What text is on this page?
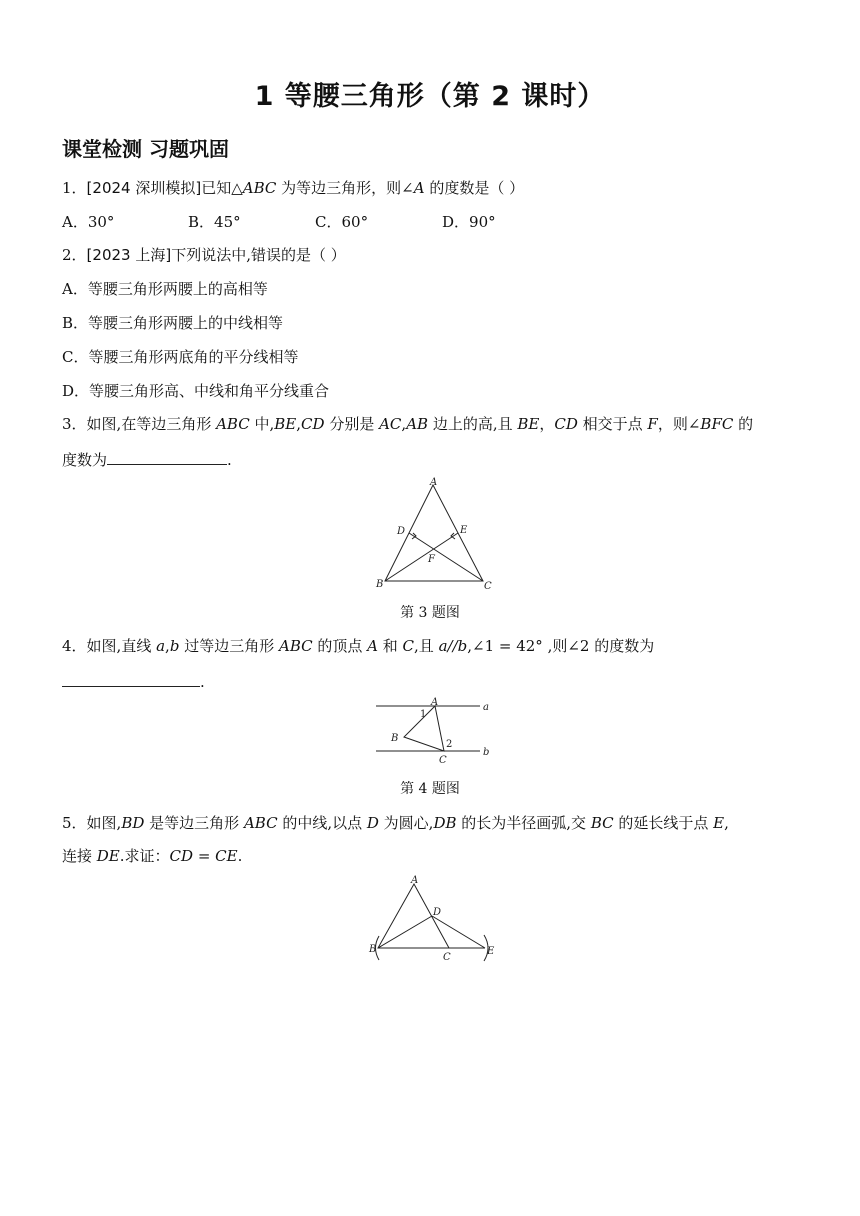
1 等腰三角形（第 2 课时）
课堂检测 习题巩固
1．[2024 深圳模拟]已知△ABC 为等边三角形，则∠A 的度数是（ ）
A．30°	B．45°	C．60°	D．90°
2．[2023 上海]下列说法中,错误的是（ ）
A．等腰三角形两腰上的高相等
B．等腰三角形两腰上的中线相等
C．等腰三角形两底角的平分线相等
D．等腰三角形高、中线和角平分线重合
3．如图,在等边三角形 ABC 中,BE,CD 分别是 AC,AB 边上的高,且 BE，CD 相交于点 F，则∠BFC 的
度数为	.
A
B	C
D	E
F
第 3 题图
4．如图,直线 a,b 过等边三角形 ABC 的顶点 A 和 C,且 a//b,∠1 = 42° ,则∠2 的度数为
.
A
B
C
a
b
1
2
第 4 题图
5．如图,BD 是等边三角形 ABC 的中线,以点 D 为圆心,DB 的长为半径画弧,交 BC 的延长线于点 E,
连接 DE.求证：CD = CE.
A
B
C
D
E
